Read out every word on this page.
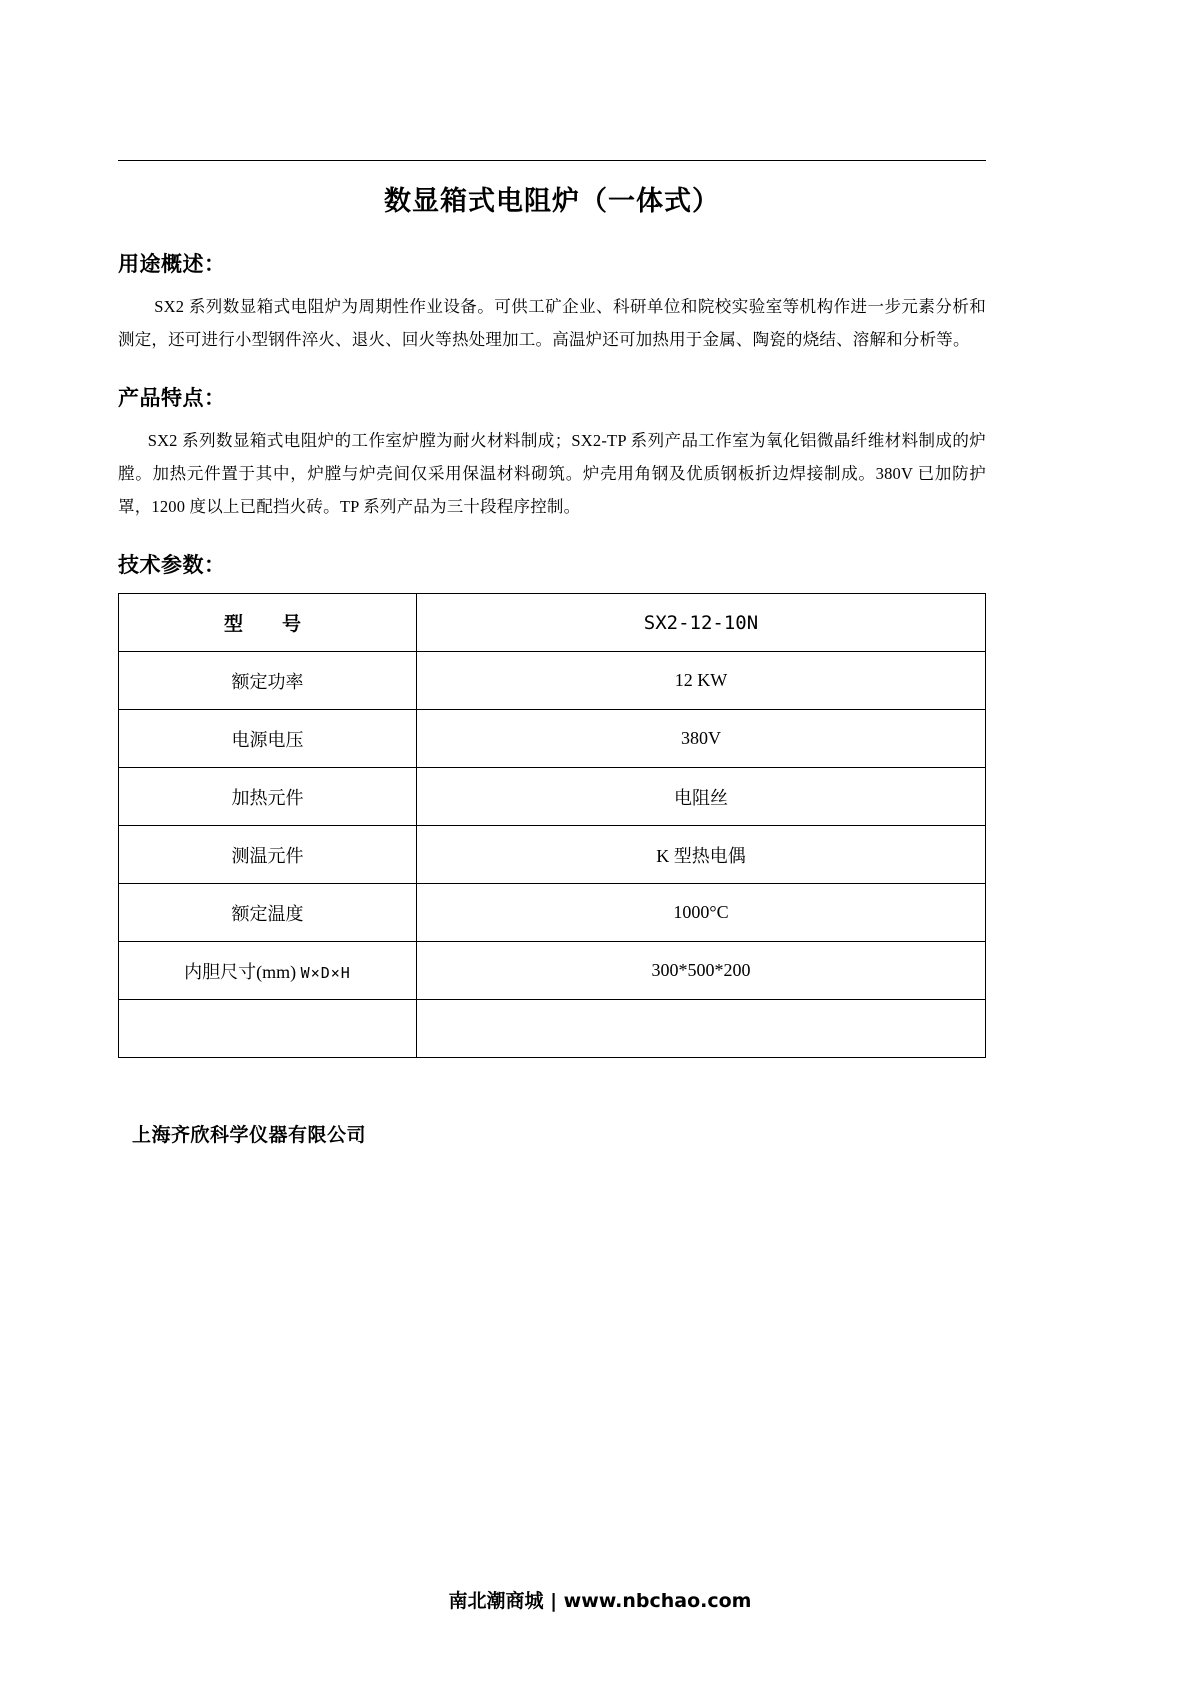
数显箱式电阻炉（一体式）
用途概述：

SX2 系列数显箱式电阻炉为周期性作业设备。可供工矿企业、科研单位和院校实验室等机构作进一步元素分析和测定，还可进行小型钢件淬火、退火、回火等热处理加工。高温炉还可加热用于金属、陶瓷的烧结、溶解和分析等。

产品特点：

SX2 系列数显箱式电阻炉的工作室炉膛为耐火材料制成；SX2-TP 系列产品工作室为氧化铝微晶纤维材料制成的炉膛。加热元件置于其中，炉膛与炉壳间仅采用保温材料砌筑。炉壳用角钢及优质钢板折边焊接制成。380V 已加防护罩，1200 度以上已配挡火砖。TP 系列产品为三十段程序控制。

技术参数：
型　号	SX2-12-10N
额定功率	12 KW
电源电压	380V
加热元件	电阻丝
测温元件	K 型热电偶
额定温度	1000°C
内胆尺寸(mm) W×D×H	300*500*200

上海齐欣科学仪器有限公司
南北潮商城 | www.nbchao.com
